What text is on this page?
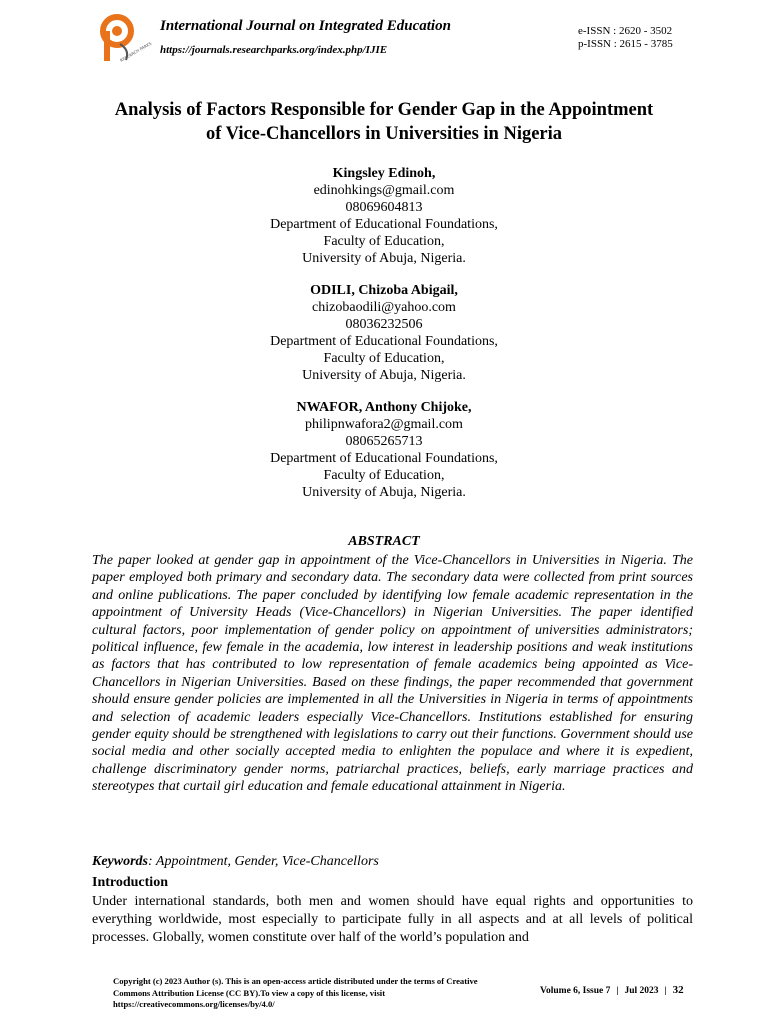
RESEARCH PARKS
International Journal on Integrated Education
https://journals.researchparks.org/index.php/IJIE
e-ISSN : 2620 - 3502
p-ISSN : 2615 - 3785
Analysis of Factors Responsible for Gender Gap in the Appointment
of Vice-Chancellors in Universities in Nigeria
Kingsley Edinoh,
edinohkings@gmail.com
08069604813
Department of Educational Foundations,
Faculty of Education,
University of Abuja, Nigeria.
ODILI, Chizoba Abigail,
chizobaodili@yahoo.com
08036232506
Department of Educational Foundations,
Faculty of Education,
University of Abuja, Nigeria.
NWAFOR, Anthony Chijoke,
philipnwafora2@gmail.com
08065265713
Department of Educational Foundations,
Faculty of Education,
University of Abuja, Nigeria.
ABSTRACT
The paper looked at gender gap in appointment of the Vice-Chancellors in Universities in Nigeria. The paper employed both primary and secondary data. The secondary data were collected from print sources and online publications. The paper concluded by identifying low female academic representation in the appointment of University Heads (Vice-Chancellors) in Nigerian Universities. The paper identified cultural factors, poor implementation of gender policy on appointment of universities administrators; political influence, few female in the academia, low interest in leadership positions and weak institutions as factors that has contributed to low representation of female academics being appointed as Vice-Chancellors in Nigerian Universities. Based on these findings, the paper recommended that government should ensure gender policies are implemented in all the Universities in Nigeria in terms of appointments and selection of academic leaders especially Vice-Chancellors. Institutions established for ensuring gender equity should be strengthened with legislations to carry out their functions. Government should use social media and other socially accepted media to enlighten the populace and where it is expedient, challenge discriminatory gender norms, patriarchal practices, beliefs, early marriage practices and stereotypes that curtail girl education and female educational attainment in Nigeria.
Keywords: Appointment, Gender, Vice-Chancellors
Introduction
Under international standards, both men and women should have equal rights and opportunities to everything worldwide, most especially to participate fully in all aspects and at all levels of political processes. Globally, women constitute over half of the world’s population and
Copyright (c) 2023 Author (s). This is an open-access article distributed under the terms of Creative Commons Attribution License (CC BY).To view a copy of this license, visit https://creativecommons.org/licenses/by/4.0/
Volume 6, Issue 7 | Jul 2023 | 32
